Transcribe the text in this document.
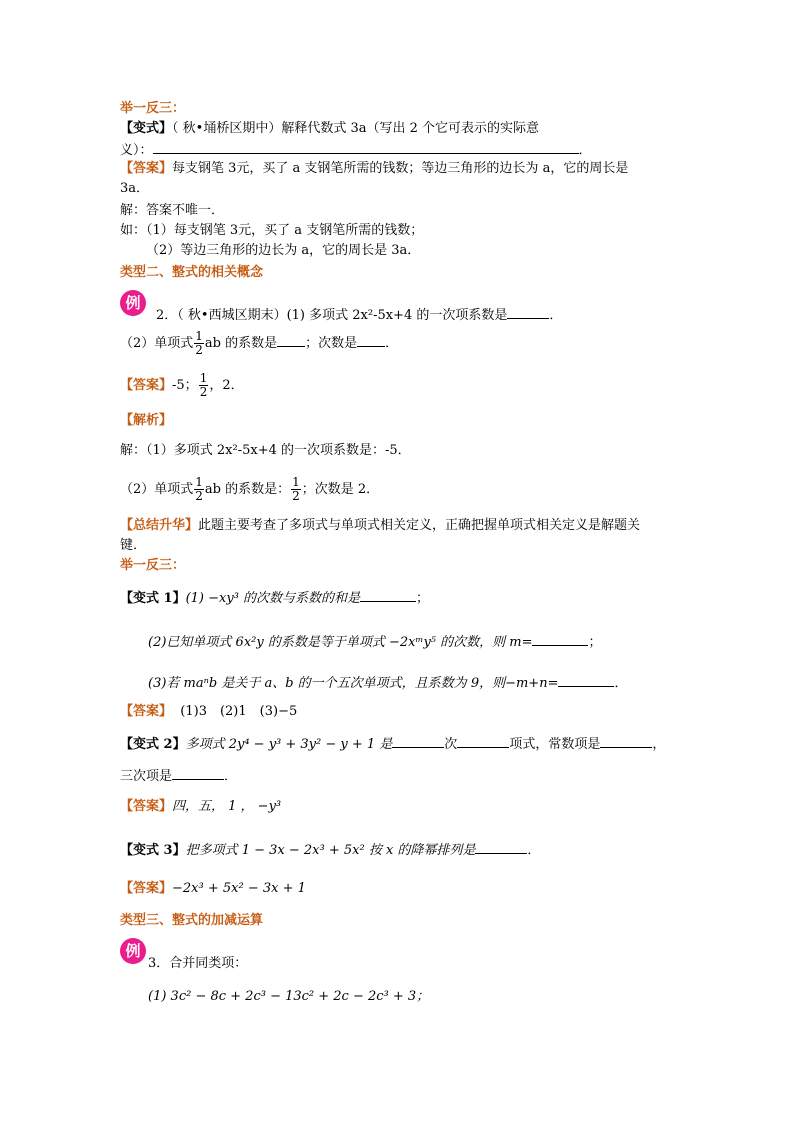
举一反三：
【变式】（ 秋•埇桥区期中）解释代数式 3a（写出 2 个它可表示的实际意
义）：	．
【答案】每支钢笔 3元，买了 a 支钢笔所需的钱数；等边三角形的边长为 a，它的周长是
3a．
解：答案不唯一．
如：（1）每支钢笔 3元，买了 a 支钢笔所需的钱数；
（2）等边三角形的边长为 a，它的周长是 3a．
类型二、整式的相关概念
例
2．（ 秋•西城区期末）(1) 多项式 2x²-5x+4 的一次项系数是	．
（2）单项式 $\frac{1}{2}$ ab 的系数是 ；次数是 ．
【答案】-5； $\frac{1}{2}$ ，2．
【解析】
解：（1）多项式 2x²-5x+4 的一次项系数是：-5．
（2）单项式 $\frac{1}{2}$ ab 的系数是： $\frac{1}{2}$ ；次数是 2．
【总结升华】此题主要考查了多项式与单项式相关定义，正确把握单项式相关定义是解题关
键．
举一反三：
【变式 1】(1) −xy³ 的次数与系数的和是	；
(2)已知单项式 6x²y 的系数是等于单项式 −2xᵐy⁵ 的次数，则 m=	；
(3)若 maⁿb 是关于 a、b 的一个五次单项式，且系数为 9，则−m+n=	．
【答案】 (1)3　(2)1　(3)−5
【变式 2】多项式 2y⁴ − y³ + 3y² − y + 1 是	次	项式，常数项是	，
三次项是	．
【答案】四，五， 1 ， −y³
【变式 3】把多项式 1 − 3x − 2x³ + 5x² 按 x 的降幂排列是	．
【答案】−2x³ + 5x² − 3x + 1
类型三、整式的加减运算
例
3．合并同类项：
(1) 3c² − 8c + 2c³ − 13c² + 2c − 2c³ + 3；
